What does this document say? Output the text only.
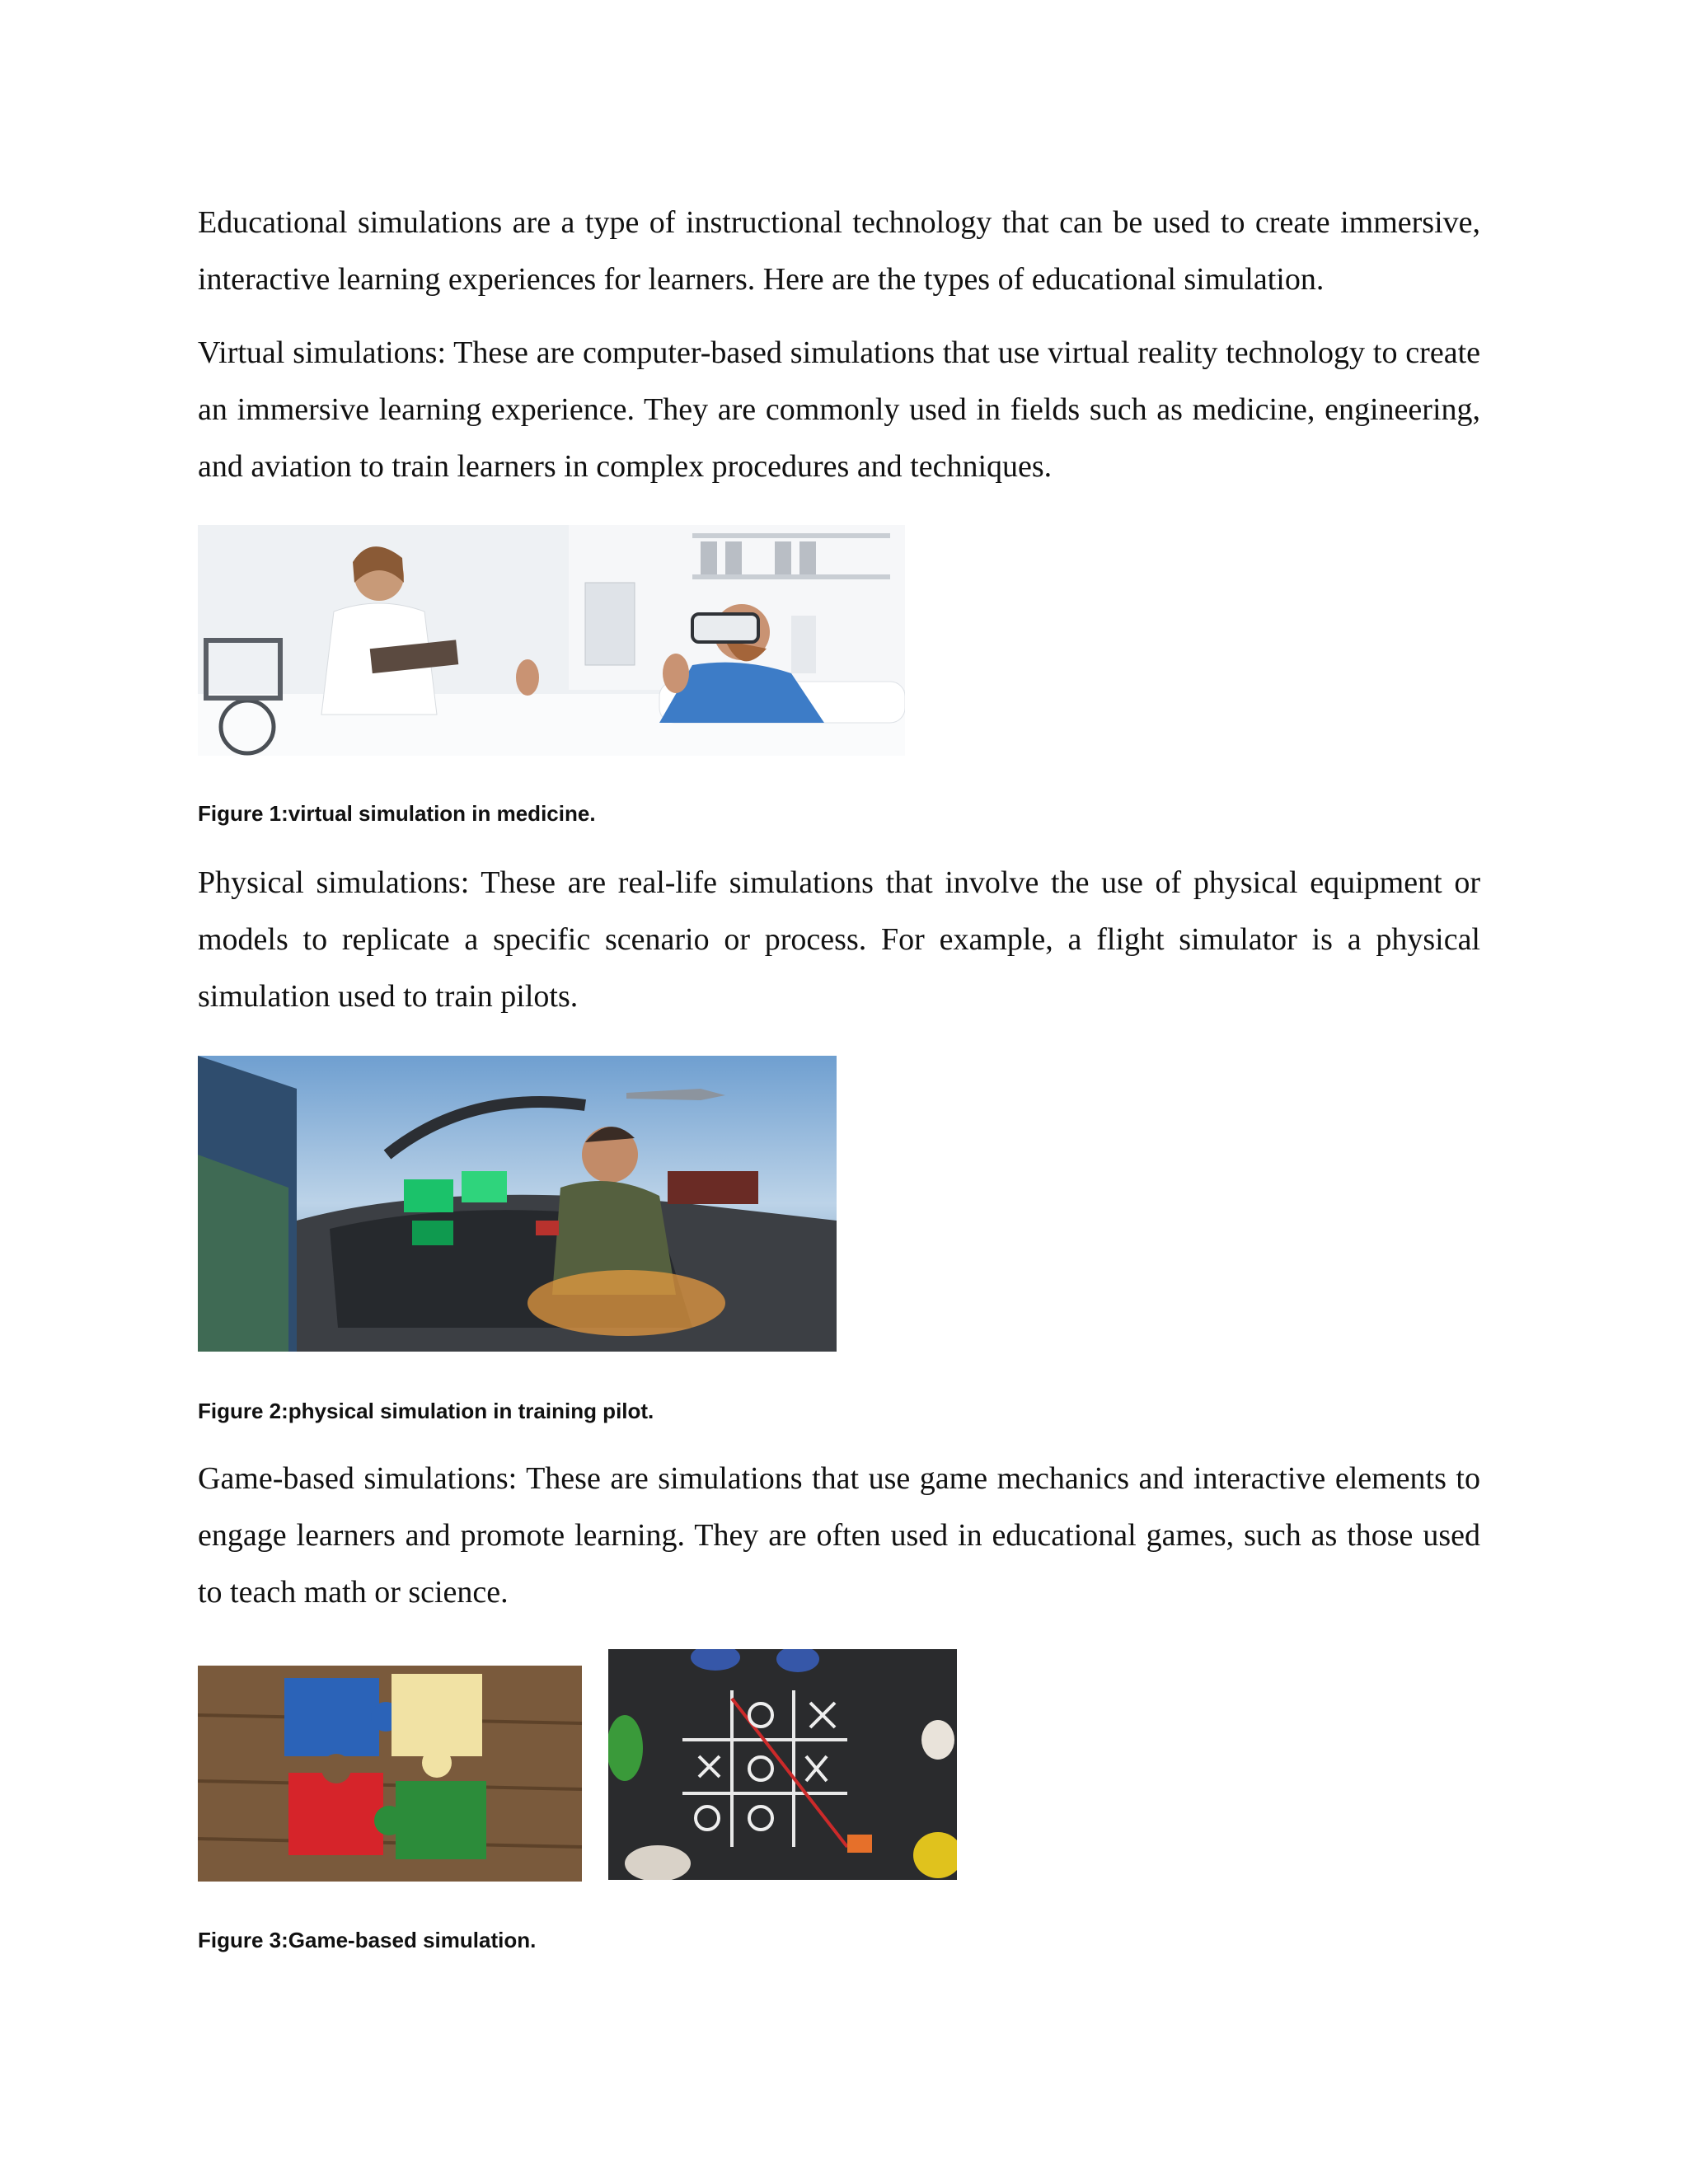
Educational simulations are a type of instructional technology that can be used to create immersive, interactive learning experiences for learners. Here are the types of educational simulation.

Virtual simulations: These are computer-based simulations that use virtual reality technology to create an immersive learning experience. They are commonly used in fields such as medicine, engineering, and aviation to train learners in complex procedures and techniques.

Figure 1:virtual simulation in medicine.

Physical simulations: These are real-life simulations that involve the use of physical equipment or models to replicate a specific scenario or process. For example, a flight simulator is a physical simulation used to train pilots.

Figure 2:physical simulation in training pilot.

Game-based simulations: These are simulations that use game mechanics and interactive elements to engage learners and promote learning. They are often used in educational games, such as those used to teach math or science.

Figure 3:Game-based simulation.
